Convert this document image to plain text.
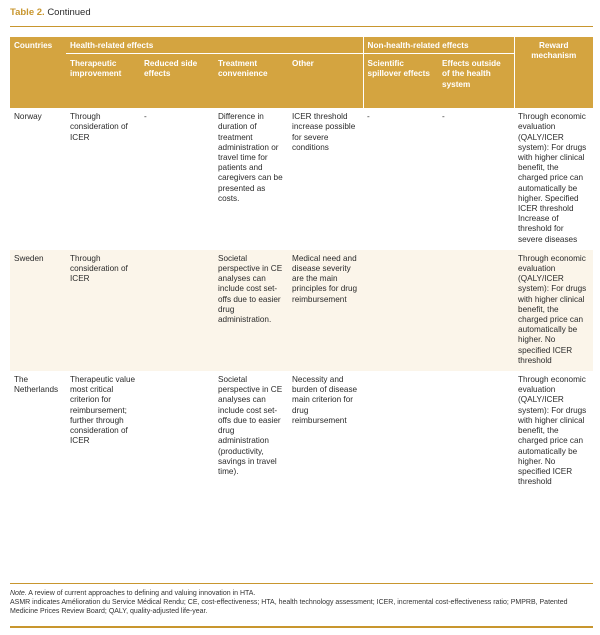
Table 2. Continued
Countries	Health-related effects				Non-health-related effects		Reward mechanism
	Therapeutic improvement	Reduced side effects	Treatment convenience	Other	Scientific spillover effects	Effects outside of the health system	
Norway	Through consideration of ICER	-	Difference in duration of treatment administration or travel time for patients and caregivers can be presented as costs.	ICER threshold increase possible for severe conditions	-	-	Through economic evaluation (QALY/ICER system): For drugs with higher clinical benefit, the charged price can automatically be higher. Specified ICER threshold Increase of threshold for severe diseases
Sweden	Through consideration of ICER		Societal perspective in CE analyses can include cost set-offs due to easier drug administration.	Medical need and disease severity are the main principles for drug reimbursement			Through economic evaluation (QALY/ICER system): For drugs with higher clinical benefit, the charged price can automatically be higher. No specified ICER threshold
The Netherlands	Therapeutic value most critical criterion for reimbursement; further through consideration of ICER		Societal perspective in CE analyses can include cost set-offs due to easier drug administration (productivity, savings in travel time).	Necessity and burden of disease main criterion for drug reimbursement			Through economic evaluation (QALY/ICER system): For drugs with higher clinical benefit, the charged price can automatically be higher. No specified ICER threshold
Note. A review of current approaches to defining and valuing innovation in HTA.
ASMR indicates Amélioration du Service Médical Rendu; CE, cost-effectiveness; HTA, health technology assessment; ICER, incremental cost-effectiveness ratio; PMPRB, Patented Medicine Prices Review Board; QALY, quality-adjusted life-year.
